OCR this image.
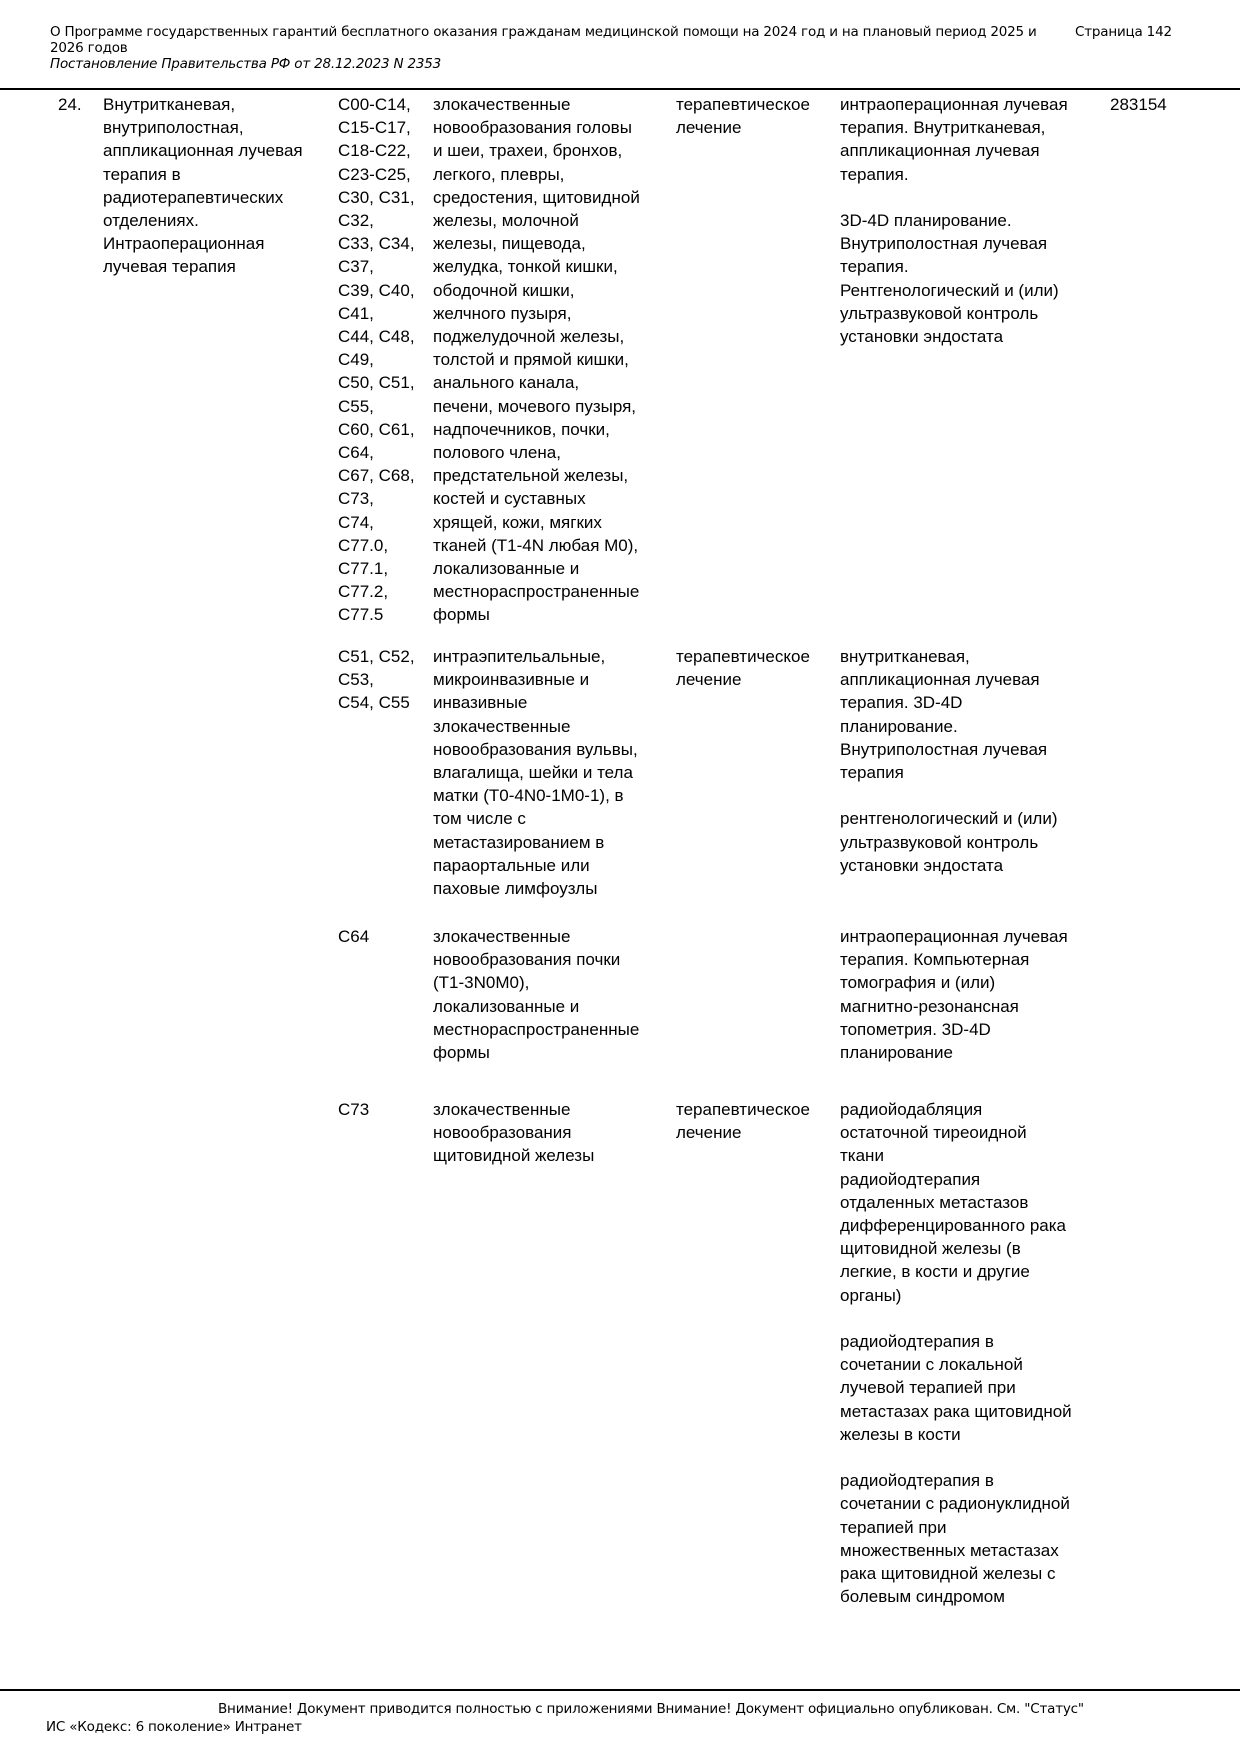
О Программе государственных гарантий бесплатного оказания гражданам медицинской помощи на 2024 год и на плановый период 2025 и 2026 годов
Постановление Правительства РФ от 28.12.2023 N 2353
Страница 142
24. Внутритканевая,
внутриполостная,
аппликационная лучевая
терапия в
радиотерапевтических
отделениях.
Интраоперационная
лучевая терапия
C00-C14,
C15-C17,
C18-C22,
C23-C25,
C30, C31,
C32,
C33, C34,
C37,
C39, C40,
C41,
C44, C48,
C49,
C50, C51,
C55,
C60, C61,
C64,
C67, C68,
C73,
C74,
C77.0,
C77.1,
C77.2,
C77.5
злокачественные
новообразования головы
и шеи, трахеи, бронхов,
легкого, плевры,
средостения, щитовидной
железы, молочной
железы, пищевода,
желудка, тонкой кишки,
ободочной кишки,
желчного пузыря,
поджелудочной железы,
толстой и прямой кишки,
анального канала,
печени, мочевого пузыря,
надпочечников, почки,
полового члена,
предстательной железы,
костей и суставных
хрящей, кожи, мягких
тканей (T1-4N любая M0),
локализованные и
местнораспространенные
формы
терапевтическое
лечение
интраоперационная лучевая
терапия. Внутритканевая,
аппликационная лучевая
терапия.

3D-4D планирование.
Внутриполостная лучевая
терапия.
Рентгенологический и (или)
ультразвуковой контроль
установки эндостата
283154
C51, C52,
C53,
C54, C55
интраэпительальные,
микроинвазивные и
инвазивные
злокачественные
новообразования вульвы,
влагалища, шейки и тела
матки (T0-4N0-1M0-1), в
том числе с
метастазированием в
параортальные или
паховые лимфоузлы
терапевтическое
лечение
внутритканевая,
аппликационная лучевая
терапия. 3D-4D
планирование.
Внутриполостная лучевая
терапия

рентгенологический и (или)
ультразвуковой контроль
установки эндостата
C64	злокачественные
новообразования почки
(T1-3N0M0),
локализованные и
местнораспространенные
формы
интраоперационная лучевая
терапия. Компьютерная
томография и (или)
магнитно-резонансная
топометрия. 3D-4D
планирование
C73	злокачественные
новообразования
щитовидной железы
терапевтическое
лечение
радиойодабляция
остаточной тиреоидной
ткани
радиойодтерапия
отдаленных метастазов
дифференцированного рака
щитовидной железы (в
легкие, в кости и другие
органы)

радиойодтерапия в
сочетании с локальной
лучевой терапией при
метастазах рака щитовидной
железы в кости

радиойодтерапия в
сочетании с радионуклидной
терапией при
множественных метастазах
рака щитовидной железы с
болевым синдромом
Внимание! Документ приводится полностью с приложениями Внимание! Документ официально опубликован. См. "Статус"
ИС «Кодекс: 6 поколение» Интранет
